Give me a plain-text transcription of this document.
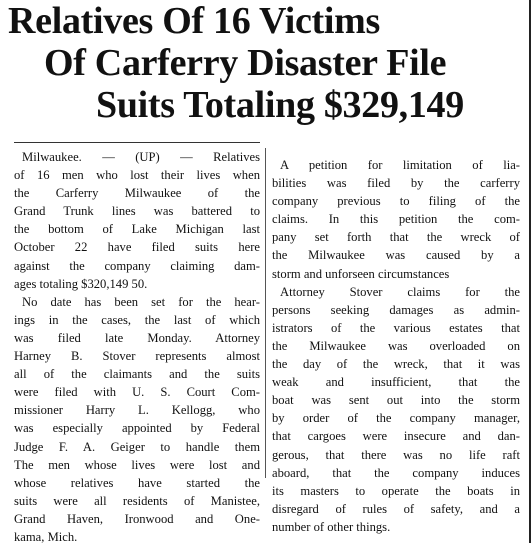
Relatives Of 16 Victims
Of Carferry Disaster File
Suits Totaling $329,149
Milwaukee. — (UP) — Relatives
of 16 men who lost their lives when
the Carferry Milwaukee of the
Grand Trunk lines was battered to
the bottom of Lake Michigan last
October 22 have filed suits here
against the company claiming dam-
ages totaling $320,149 50.
No date has been set for the hear-
ings in the cases, the last of which
was filed late Monday. Attorney
Harney B. Stover represents almost
all of the claimants and the suits
were filed with U. S. Court Com-
missioner Harry L. Kellogg, who
was especially appointed by Federal
Judge F. A. Geiger to handle them
The men whose lives were lost and
whose relatives have started the
suits were all residents of Manistee,
Grand Haven, Ironwood and One-
kama, Mich.
A petition for limitation of lia-
bilities was filed by the carferry
company previous to filing of the
claims. In this petition the com-
pany set forth that the wreck of
the Milwaukee was caused by a
storm and unforseen circumstances
Attorney Stover claims for the
persons seeking damages as admin-
istrators of the various estates that
the Milwaukee was overloaded on
the day of the wreck, that it was
weak and insufficient, that the
boat was sent out into the storm
by order of the company manager,
that cargoes were insecure and dan-
gerous, that there was no life raft
aboard, that the company induces
its masters to operate the boats in
disregard of rules of safety, and a
number of other things.
